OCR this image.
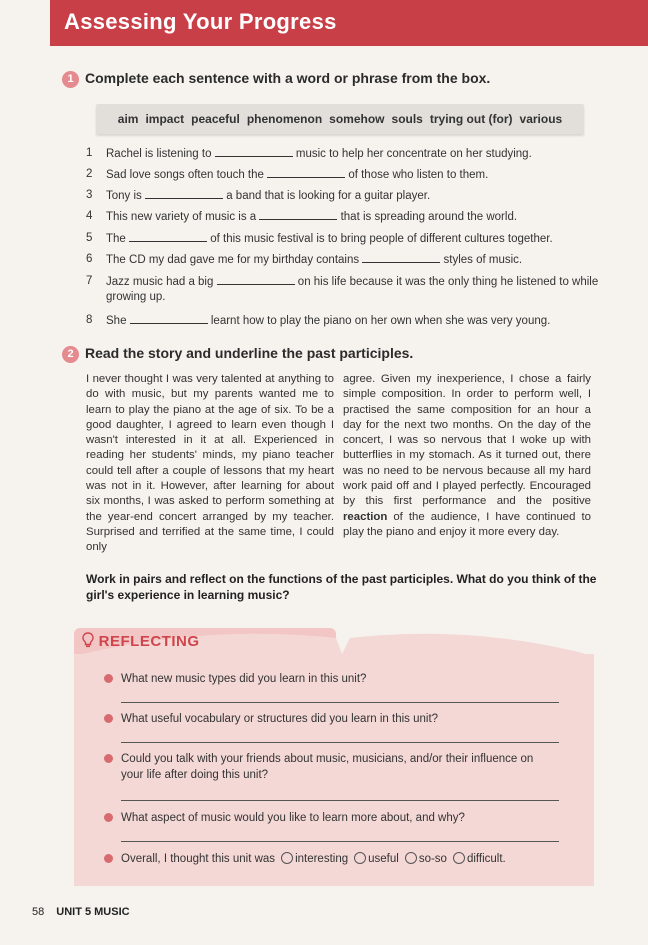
Assessing Your Progress
1 Complete each sentence with a word or phrase from the box.
aim impact peaceful phenomenon somehow souls trying out (for) various
1 Rachel is listening to	music to help her concentrate on her studying.
2 Sad love songs often touch the	of those who listen to them.
3 Tony is	a band that is looking for a guitar player.
4 This new variety of music is a	that is spreading around the world.
5 The	of this music festival is to bring people of different cultures together.
6 The CD my dad gave me for my birthday contains	styles of music.
7 Jazz music had a big	on his life because it was the only thing he listened to while growing up.
8 She	learnt how to play the piano on her own when she was very young.
2 Read the story and underline the past participles.
I never thought I was very talented at anything to do with music, but my parents wanted me to learn to play the piano at the age of six. To be a good daughter, I agreed to learn even though I wasn't interested in it at all. Experienced in reading her students' minds, my piano teacher could tell after a couple of lessons that my heart was not in it. However, after learning for about six months, I was asked to perform something at the year-end concert arranged by my teacher. Surprised and terrified at the same time, I could only
agree. Given my inexperience, I chose a fairly simple composition. In order to perform well, I practised the same composition for an hour a day for the next two months. On the day of the concert, I was so nervous that I woke up with butterflies in my stomach. As it turned out, there was no need to be nervous because all my hard work paid off and I played perfectly. Encouraged by this first performance and the positive reaction of the audience, I have continued to play the piano and enjoy it more every day.
Work in pairs and reflect on the functions of the past participles. What do you think of the girl's experience in learning music?
REFLECTING
What new music types did you learn in this unit?
What useful vocabulary or structures did you learn in this unit?
Could you talk with your friends about music, musicians, and/or their influence on your life after doing this unit?
What aspect of music would you like to learn more about, and why?
Overall, I thought this unit was interesting useful so-so difficult.
58 UNIT 5 MUSIC
